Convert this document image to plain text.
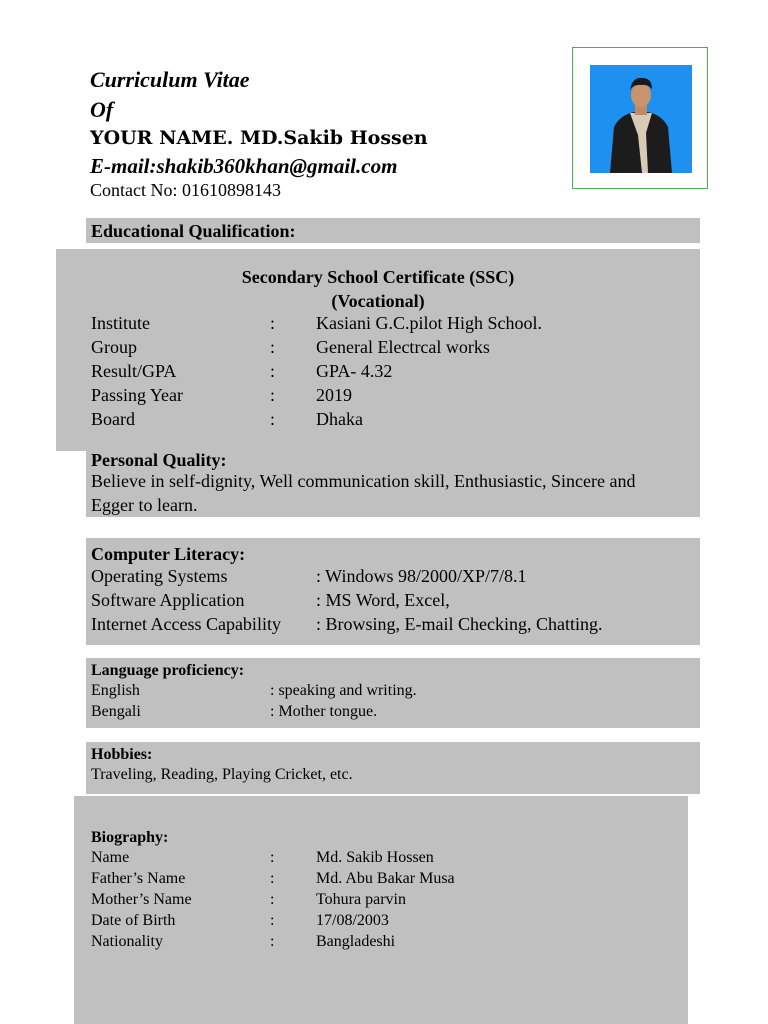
Curriculum Vitae
Of
YOUR NAME. MD.Sakib Hossen
E-mail:shakib360khan@gmail.com
Contact No: 01610898143
Educational Qualification:
Secondary School Certificate (SSC)
(Vocational)
Institute	: Kasiani G.C.pilot High School.
Group	: General Electrcal works
Result/GPA	: GPA- 4.32
Passing Year	: 2019
Board	: Dhaka
Personal Quality:
Believe in self-dignity, Well communication skill, Enthusiastic, Sincere and
Egger to learn.
Computer Literacy:
Operating Systems	: Windows 98/2000/XP/7/8.1
Software Application	: MS Word, Excel,
Internet Access Capability : Browsing, E-mail Checking, Chatting.
Language proficiency:
English	: speaking and writing.
Bengali	: Mother tongue.
Hobbies:
Traveling, Reading, Playing Cricket, etc.
Biography:
Name	:	Md. Sakib Hossen
Father’s Name	:	Md. Abu Bakar Musa
Mother’s Name	:	Tohura parvin
Date of Birth	:	17/08/2003
Nationality	:	Bangladeshi
